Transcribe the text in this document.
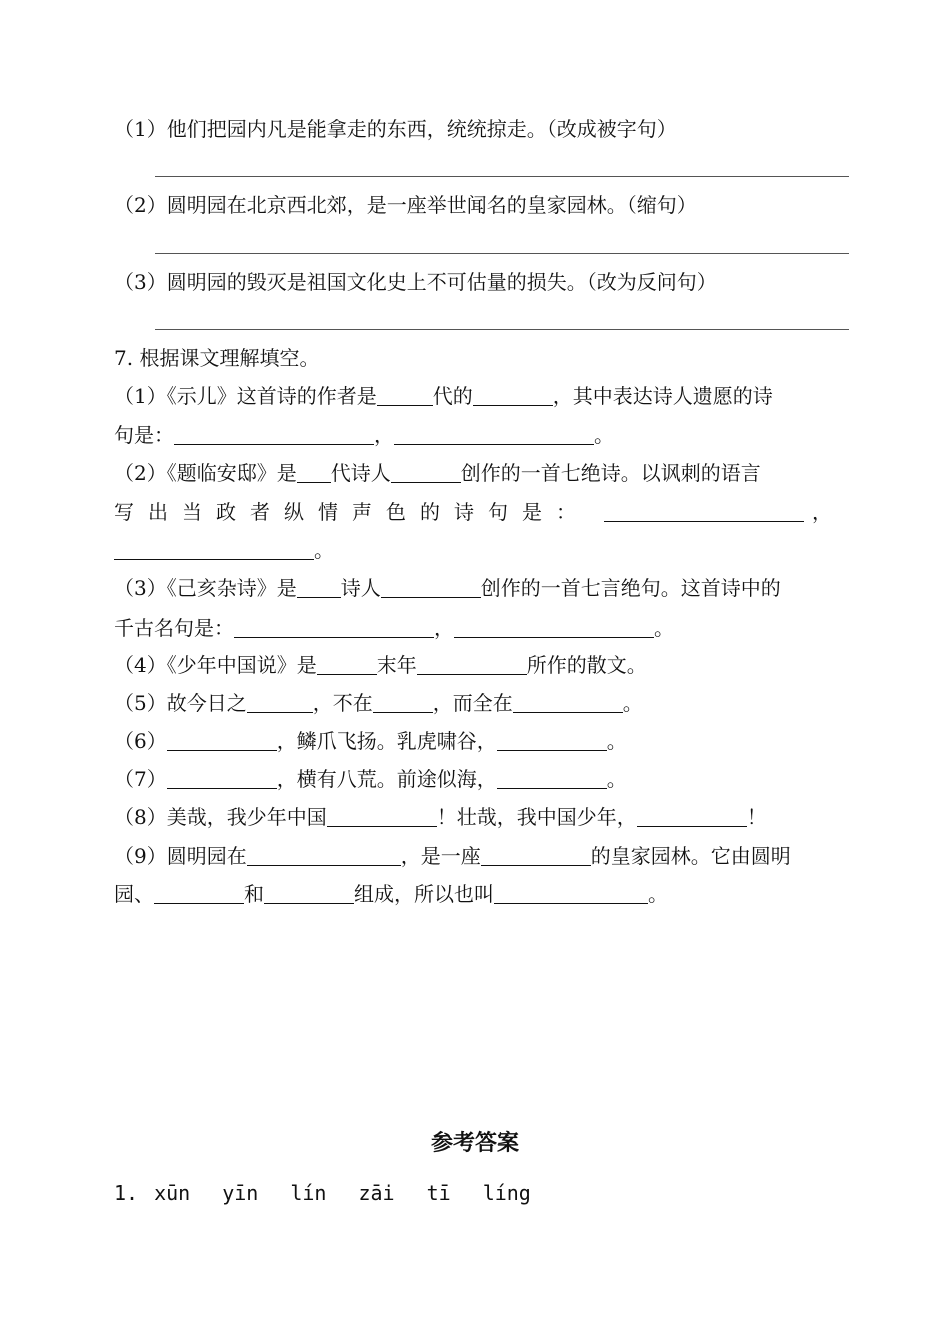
（1）他们把园内凡是能拿走的东西，统统掠走。（改成被字句）
（2）圆明园在北京西北郊，是一座举世闻名的皇家园林。（缩句）
（3）圆明园的毁灭是祖国文化史上不可估量的损失。（改为反问句）
7. 根据课文理解填空。
（1）《示儿》这首诗的作者是	代的	，其中表达诗人遗愿的诗
句是：	，	。
（2）《题临安邸》是 代诗人	创作的一首七绝诗。以讽刺的语言
写出当政者纵情声色的诗句是：	，
。
（3）《己亥杂诗》是 诗人	创作的一首七言绝句。这首诗中的
千古名句是：	，	。
（4）《少年中国说》是	末年	所作的散文。
（5）故今日之	，不在	，而全在	。
（6）	，鳞爪飞扬。乳虎啸谷，	。
（7）	，横有八荒。前途似海，	。
（8）美哉，我少年中国	！壮哉，我中国少年，	！
（9）圆明园在	，是一座	的皇家园林。它由圆明
园、	和	组成，所以也叫	。
参考答案
1. xūn yīn lín zāi tī líng
